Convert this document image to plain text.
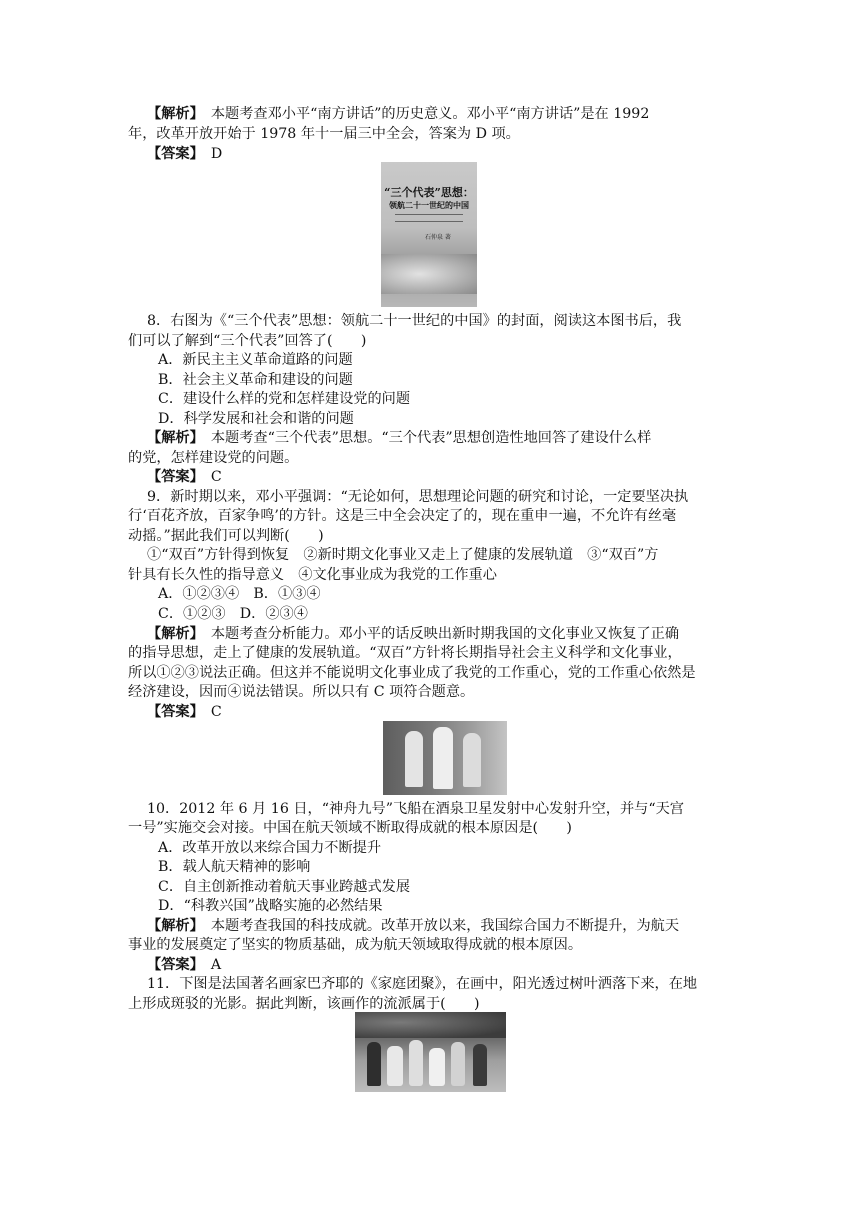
【解析】　 本题考查邓小平“南方讲话”的历史意义。邓小平“南方讲话”是在 1992
年，改革开放开始于 1978 年十一届三中全会，答案为 D 项。
【答案】　 D
“三个代表”思想：
领航二十一世纪的中国
石仲泉 著
8．右图为《“三个代表”思想：领航二十一世纪的中国》的封面，阅读这本图书后，我
们可以了解到“三个代表”回答了(　　)
A．新民主主义革命道路的问题
B．社会主义革命和建设的问题
C．建设什么样的党和怎样建设党的问题
D．科学发展和社会和谐的问题
【解析】　 本题考查“三个代表”思想。“三个代表”思想创造性地回答了建设什么样
的党，怎样建设党的问题。
【答案】　 C
9．新时期以来，邓小平强调：“无论如何，思想理论问题的研究和讨论，一定要坚决执
行‘百花齐放，百家争鸣’的方针。这是三中全会决定了的，现在重申一遍，不允许有丝毫
动摇。”据此我们可以判断(　　)
①“双百”方针得到恢复　②新时期文化事业又走上了健康的发展轨道　③“双百”方
针具有长久性的指导意义　④文化事业成为我党的工作重心
A．①②③④　B．①③④
C．①②③　D．②③④
【解析】　 本题考查分析能力。邓小平的话反映出新时期我国的文化事业又恢复了正确
的指导思想，走上了健康的发展轨道。“双百”方针将长期指导社会主义科学和文化事业，
所以①②③说法正确。但这并不能说明文化事业成了我党的工作重心，党的工作重心依然是
经济建设，因而④说法错误。所以只有 C 项符合题意。
【答案】　 C
10．2012 年 6 月 16 日，“神舟九号”飞船在酒泉卫星发射中心发射升空，并与“天宫
一号”实施交会对接。中国在航天领域不断取得成就的根本原因是(　　)
A．改革开放以来综合国力不断提升
B．载人航天精神的影响
C．自主创新推动着航天事业跨越式发展
D．“科教兴国”战略实施的必然结果
【解析】　 本题考查我国的科技成就。改革开放以来，我国综合国力不断提升，为航天
事业的发展奠定了坚实的物质基础，成为航天领域取得成就的根本原因。
【答案】　 A
11．下图是法国著名画家巴齐耶的《家庭团聚》，在画中，阳光透过树叶洒落下来，在地
上形成斑驳的光影。据此判断，该画作的流派属于(　　)
